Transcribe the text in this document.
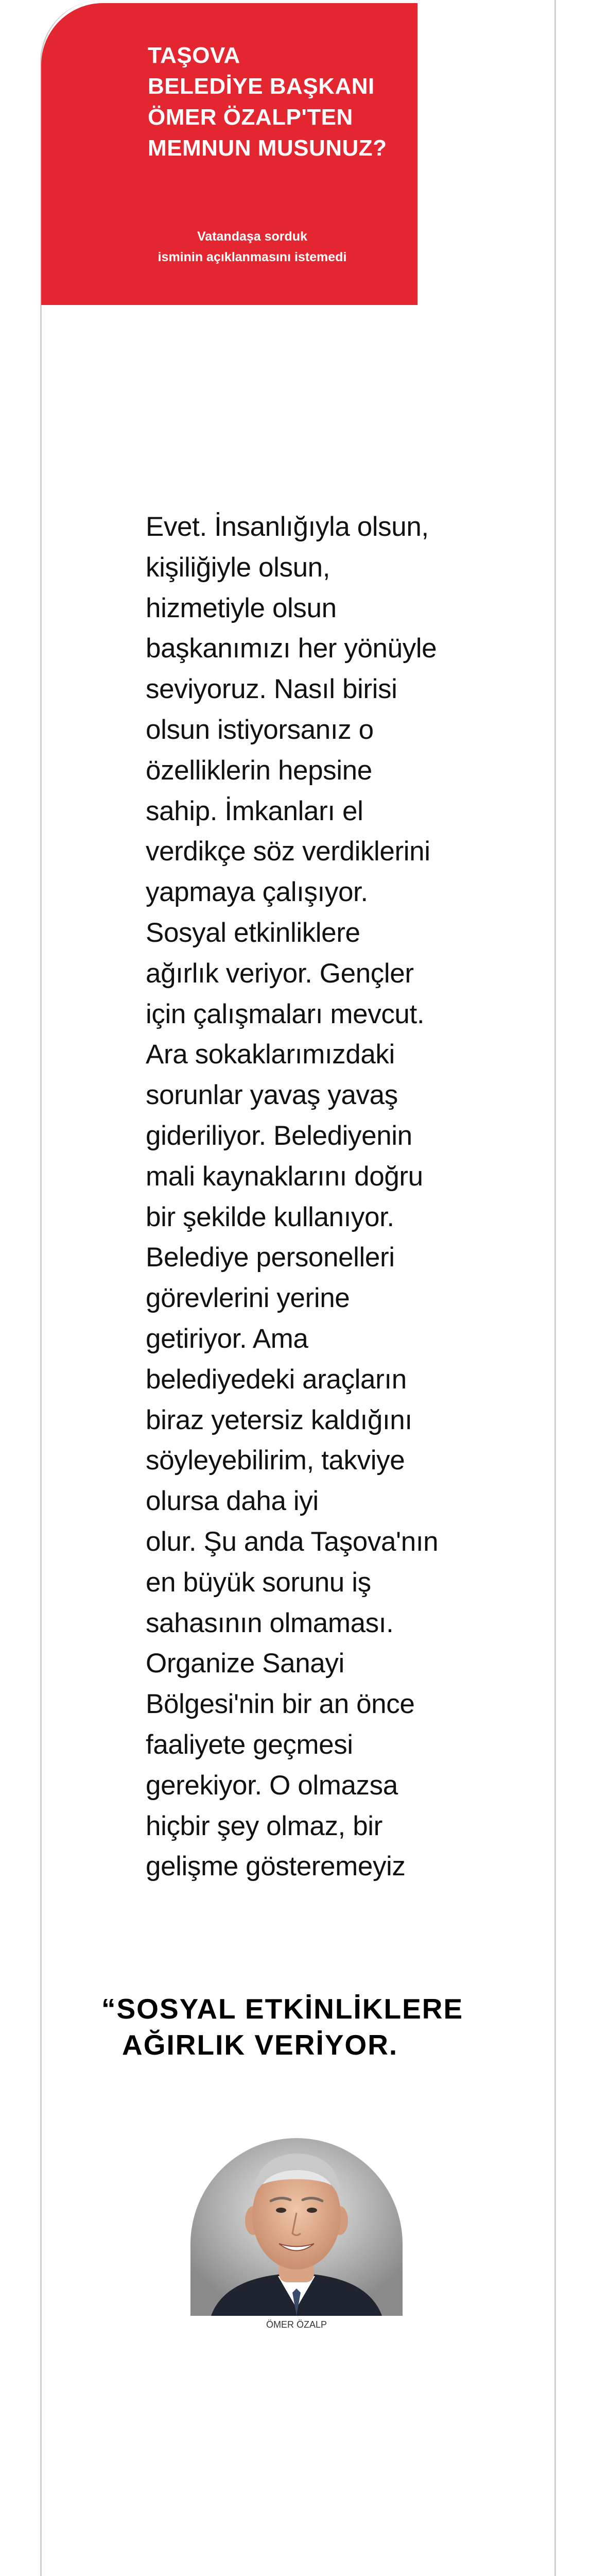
TAŞOVA
BELEDİYE BAŞKANI
ÖMER ÖZALP'TEN
MEMNUN MUSUNUZ?
Vatandaşa sorduk
isminin açıklanmasını istemedi

Evet. İnsanlığıyla olsun,
kişiliğiyle olsun,
hizmetiyle olsun
başkanımızı her yönüyle
seviyoruz. Nasıl birisi
olsun istiyorsanız o
özelliklerin hepsine
sahip. İmkanları el
verdikçe söz verdiklerini
yapmaya çalışıyor.
Sosyal etkinliklere
ağırlık veriyor. Gençler
için çalışmaları mevcut.
Ara sokaklarımızdaki
sorunlar yavaş yavaş
gideriliyor. Belediyenin
mali kaynaklarını doğru
bir şekilde kullanıyor.
Belediye personelleri
görevlerini yerine
getiriyor. Ama
belediyedeki araçların
biraz yetersiz kaldığını
söyleyebilirim, takviye
olursa daha iyi
olur. Şu anda Taşova'nın
en büyük sorunu iş
sahasının olmaması.
Organize Sanayi
Bölgesi'nin bir an önce
faaliyete geçmesi
gerekiyor. O olmazsa
hiçbir şey olmaz, bir
gelişme gösteremeyiz

“SOSYAL ETKİNLİKLERE
AĞIRLIK VERİYOR.
ÖMER ÖZALP
